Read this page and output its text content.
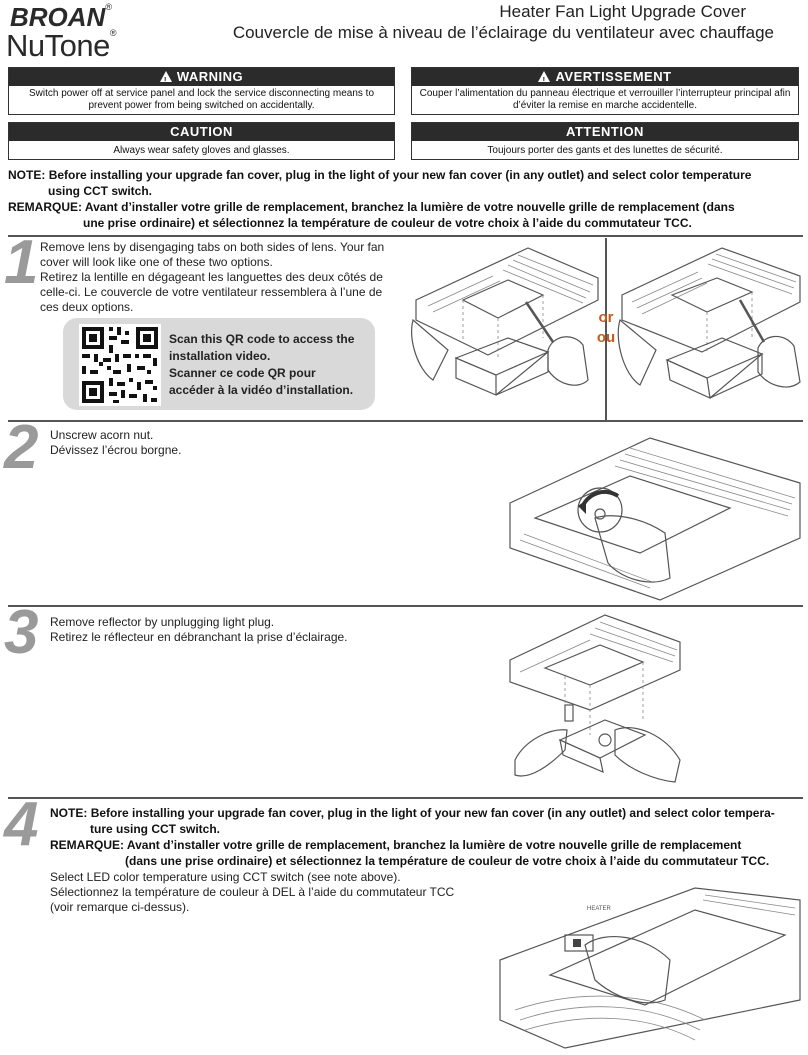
BROAN®
NuTone®
Heater Fan Light Upgrade Cover
Couvercle de mise à niveau de l’éclairage du ventilateur avec chauffage
!WARNING
Switch power off at service panel and lock the service disconnecting means to prevent power from being switched on accidentally.
!AVERTISSEMENT
Couper l’alimentation du panneau électrique et verrouiller l’interrupteur principal afin d’éviter la remise en marche accidentelle.
CAUTION
Always wear safety gloves and glasses.
ATTENTION
Toujours porter des gants et des lunettes de sécurité.
NOTE: Before installing your upgrade fan cover, plug in the light of your new fan cover (in any outlet) and select color temperature
using CCT switch.
REMARQUE: Avant d’installer votre grille de remplacement, branchez la lumière de votre nouvelle grille de remplacement (dans
une prise ordinaire) et sélectionnez la température de couleur de votre choix à l’aide du commutateur TCC.
1 Remove lens by disengaging tabs on both sides of lens. Your fan
cover will look like one of these two options.
Retirez la lentille en dégageant les languettes des deux côtés de
celle-ci. Le couvercle de votre ventilateur ressemblera à l’une de
ces deux options.
Scan this QR code to access the
installation video.
Scanner ce code QR pour
accéder à la vidéo d’installation.
or
ou
2 Unscrew acorn nut.
Dévissez l’écrou borgne.
3 Remove reflector by unplugging light plug.
Retirez le réflecteur en débranchant la prise d’éclairage.
4 NOTE: Before installing your upgrade fan cover, plug in the light of your new fan cover (in any outlet) and select color tempera-
ture using CCT switch.
REMARQUE: Avant d’installer votre grille de remplacement, branchez la lumière de votre nouvelle grille de remplacement
(dans une prise ordinaire) et sélectionnez la température de couleur de votre choix à l’aide du commutateur TCC.
Select LED color temperature using CCT switch (see note above).
Sélectionnez la température de couleur à DEL à l’aide du commutateur TCC
(voir remarque ci-dessus).	HEATER
